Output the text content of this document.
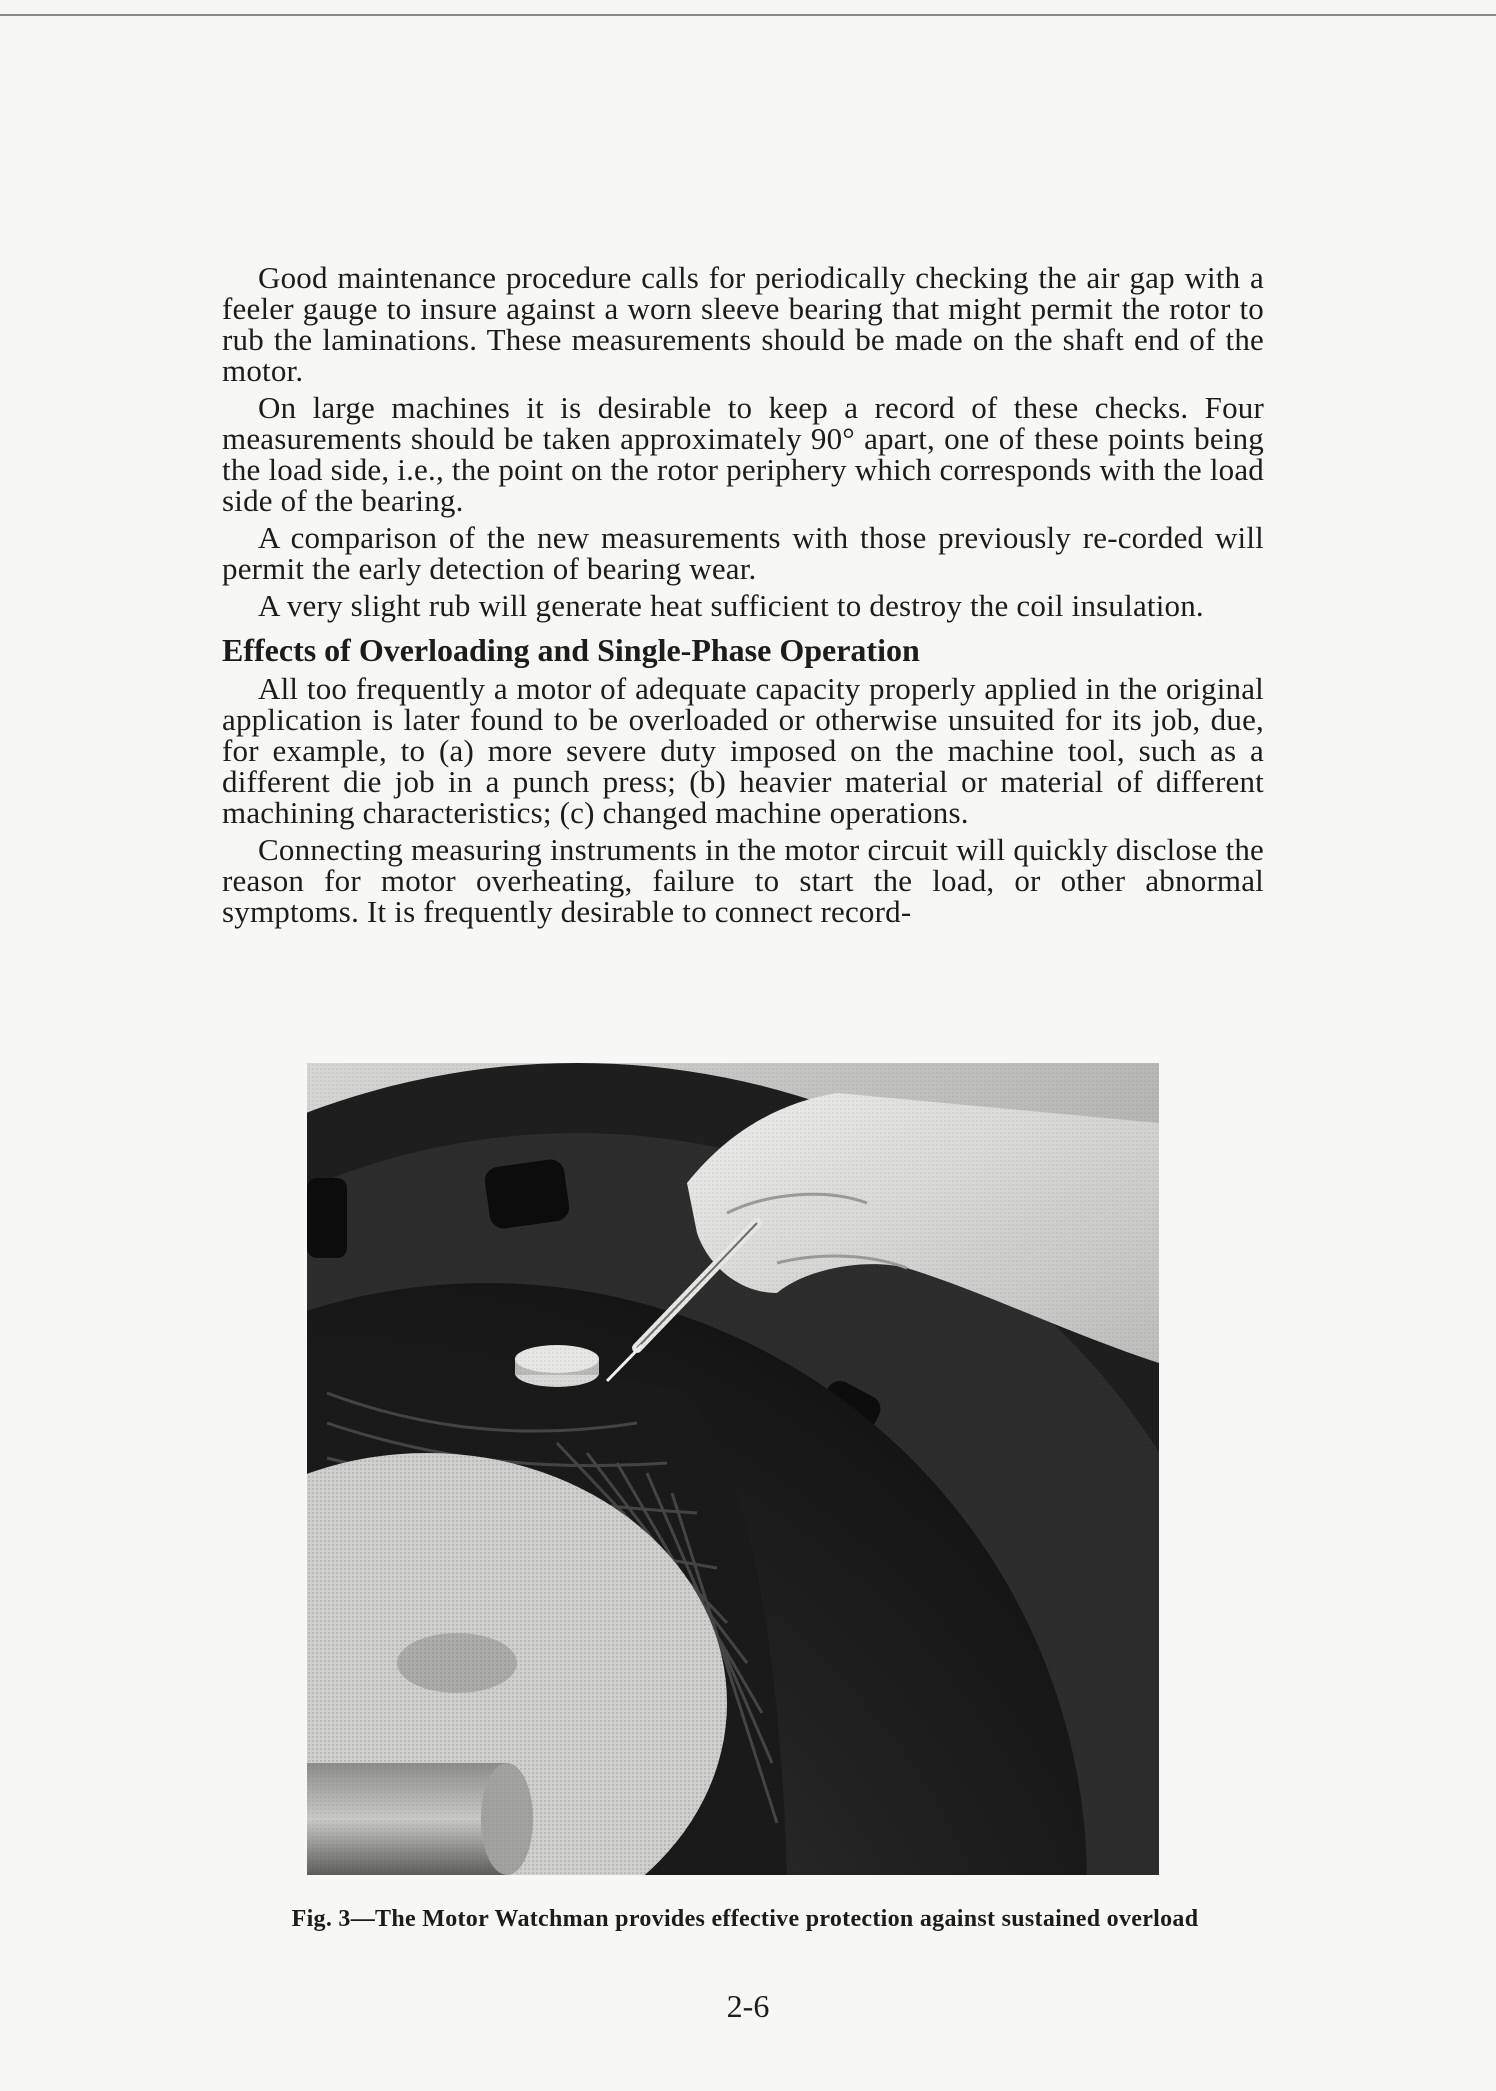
Good maintenance procedure calls for periodically checking the air gap with a feeler gauge to insure against a worn sleeve bearing that might permit the rotor to rub the laminations. These measurements should be made on the shaft end of the motor.

On large machines it is desirable to keep a record of these checks. Four measurements should be taken approximately 90° apart, one of these points being the load side, i.e., the point on the rotor periphery which corresponds with the load side of the bearing.

A comparison of the new measurements with those previously re-corded will permit the early detection of bearing wear.

A very slight rub will generate heat sufficient to destroy the coil insulation.

Effects of Overloading and Single-Phase Operation

All too frequently a motor of adequate capacity properly applied in the original application is later found to be overloaded or otherwise unsuited for its job, due, for example, to (a) more severe duty imposed on the machine tool, such as a different die job in a punch press; (b) heavier material or material of different machining characteristics; (c) changed machine operations.

Connecting measuring instruments in the motor circuit will quickly disclose the reason for motor overheating, failure to start the load, or other abnormal symptoms. It is frequently desirable to connect record-

Fig. 3—The Motor Watchman provides effective protection against sustained overload
2-6
